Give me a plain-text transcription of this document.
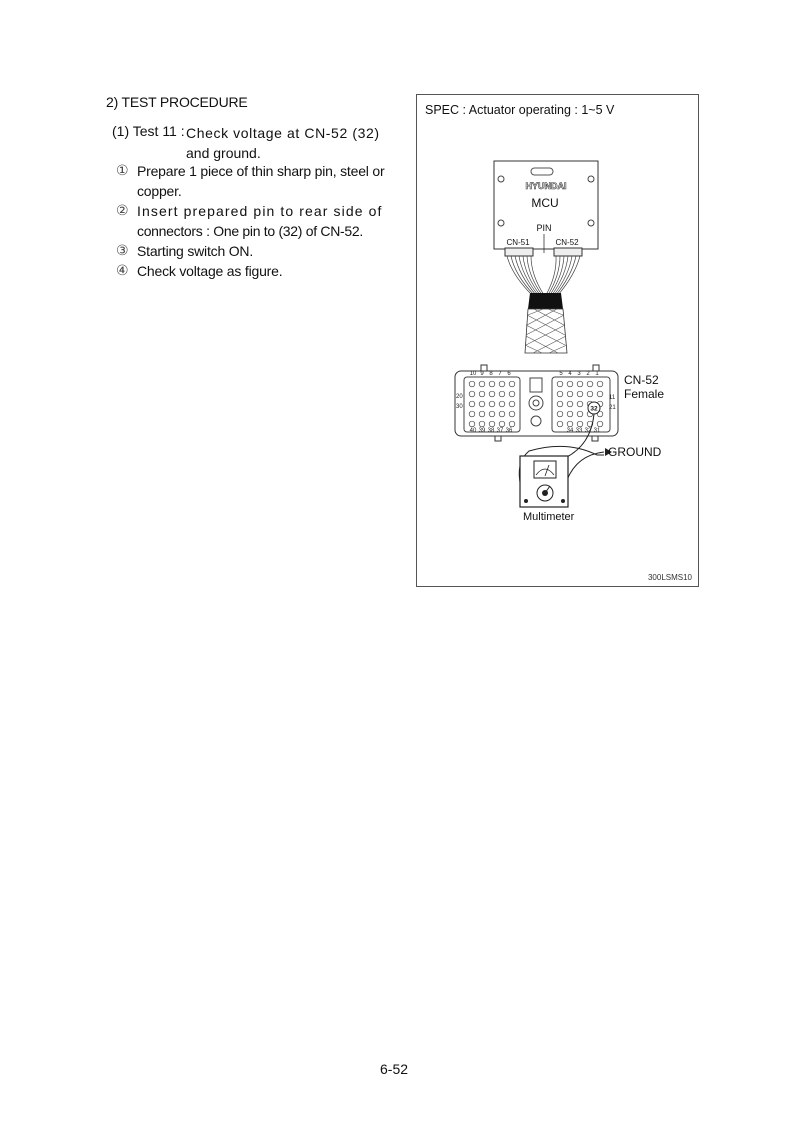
2) TEST PROCEDURE
(1) Test 11 : Check voltage at CN-52 (32)
and ground.
① Prepare 1 piece of thin sharp pin, steel or
copper.
② Insert prepared pin to rear side of
connectors : One pin to (32) of CN-52.
③ Starting switch ON.
④ Check voltage as figure.
SPEC : Actuator operating : 1~5 V
HYUNDAI
MCU
PIN
CN-51	CN-52
20
30
11
21
10 9 8 7 6	5 4 3 2 1
40 39 38 37 36	34 33 32 31
32
CN-52
Female
GROUND
Multimeter
300LSMS10
6-52
